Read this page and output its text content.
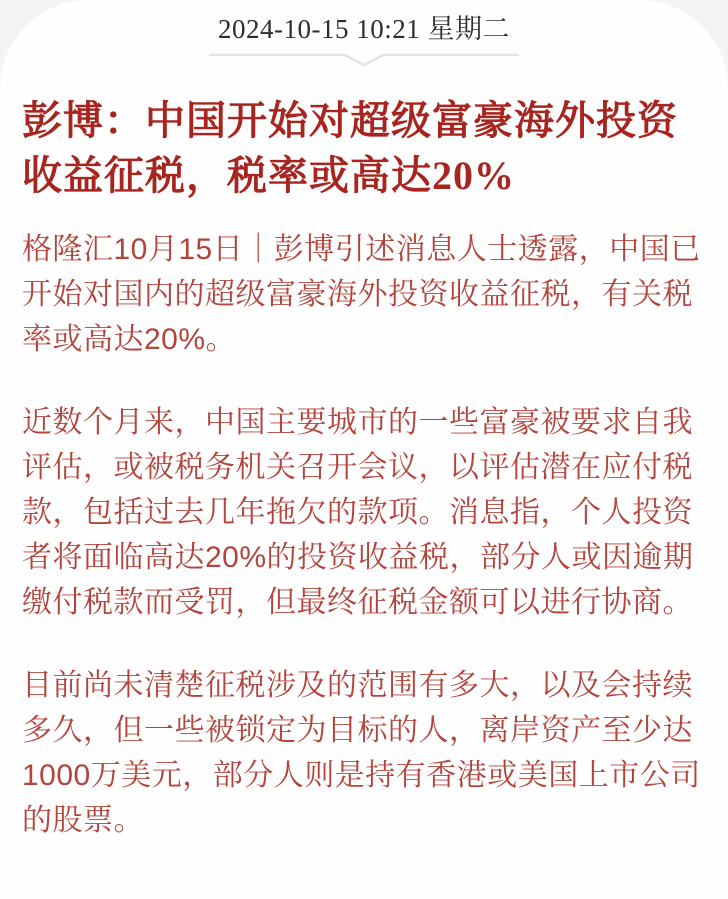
2024-10-15 10:21 星期二
彭博：中国开始对超级富豪海外投资收益征税，税率或高达20%

格隆汇10月15日｜彭博引述消息人士透露，中国已开始对国内的超级富豪海外投资收益征税，有关税率或高达20%。

近数个月来，中国主要城市的一些富豪被要求自我评估，或被税务机关召开会议，以评估潜在应付税款，包括过去几年拖欠的款项。消息指，个人投资者将面临高达20%的投资收益税，部分人或因逾期缴付税款而受罚，但最终征税金额可以进行协商。

目前尚未清楚征税涉及的范围有多大，以及会持续多久，但一些被锁定为目标的人，离岸资产至少达1000万美元，部分人则是持有香港或美国上市公司的股票。
